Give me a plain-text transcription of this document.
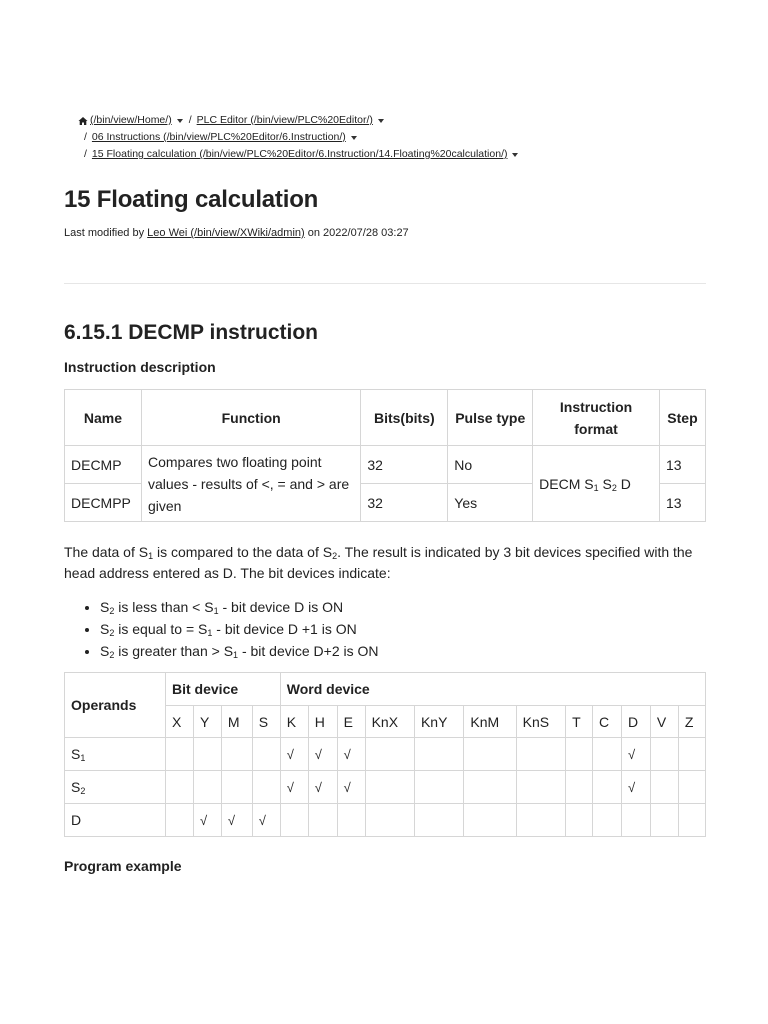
(/bin/view/Home/) / PLC Editor (/bin/view/PLC%20Editor/)
/ 06 Instructions (/bin/view/PLC%20Editor/6.Instruction/)
/ 15 Floating calculation (/bin/view/PLC%20Editor/6.Instruction/14.Floating%20calculation/)
15 Floating calculation
Last modified by Leo Wei (/bin/view/XWiki/admin) on 2022/07/28 03:27
6.15.1 DECMP instruction
Instruction description
Name	Function	Bits(bits)	Pulse type	Instruction format	Step
DECMP	Compares two floating point values - results of <, = and > are given	32	No	DECM $S_1$ $S_2$ D	13
DECMPP		32	Yes		13

The data of $S_1$ is compared to the data of $S_2$. The result is indicated by 3 bit devices specified with the head address entered as D. The bit devices indicate:

• $S_2$ is less than < $S_1$ - bit device D is ON
• $S_2$ is equal to = $S_1$ - bit device D +1 is ON
• $S_2$ is greater than > $S_1$ - bit device D+2 is ON
Operands	Bit device				Word device											
	X	Y	M	S	K	H	E	KnX	KnY	KnM	KnS	T	C	D	V	Z
$S_1$					√	√	√							√		
$S_2$					√	√	√							√		
D		√	√	√												
Program example
